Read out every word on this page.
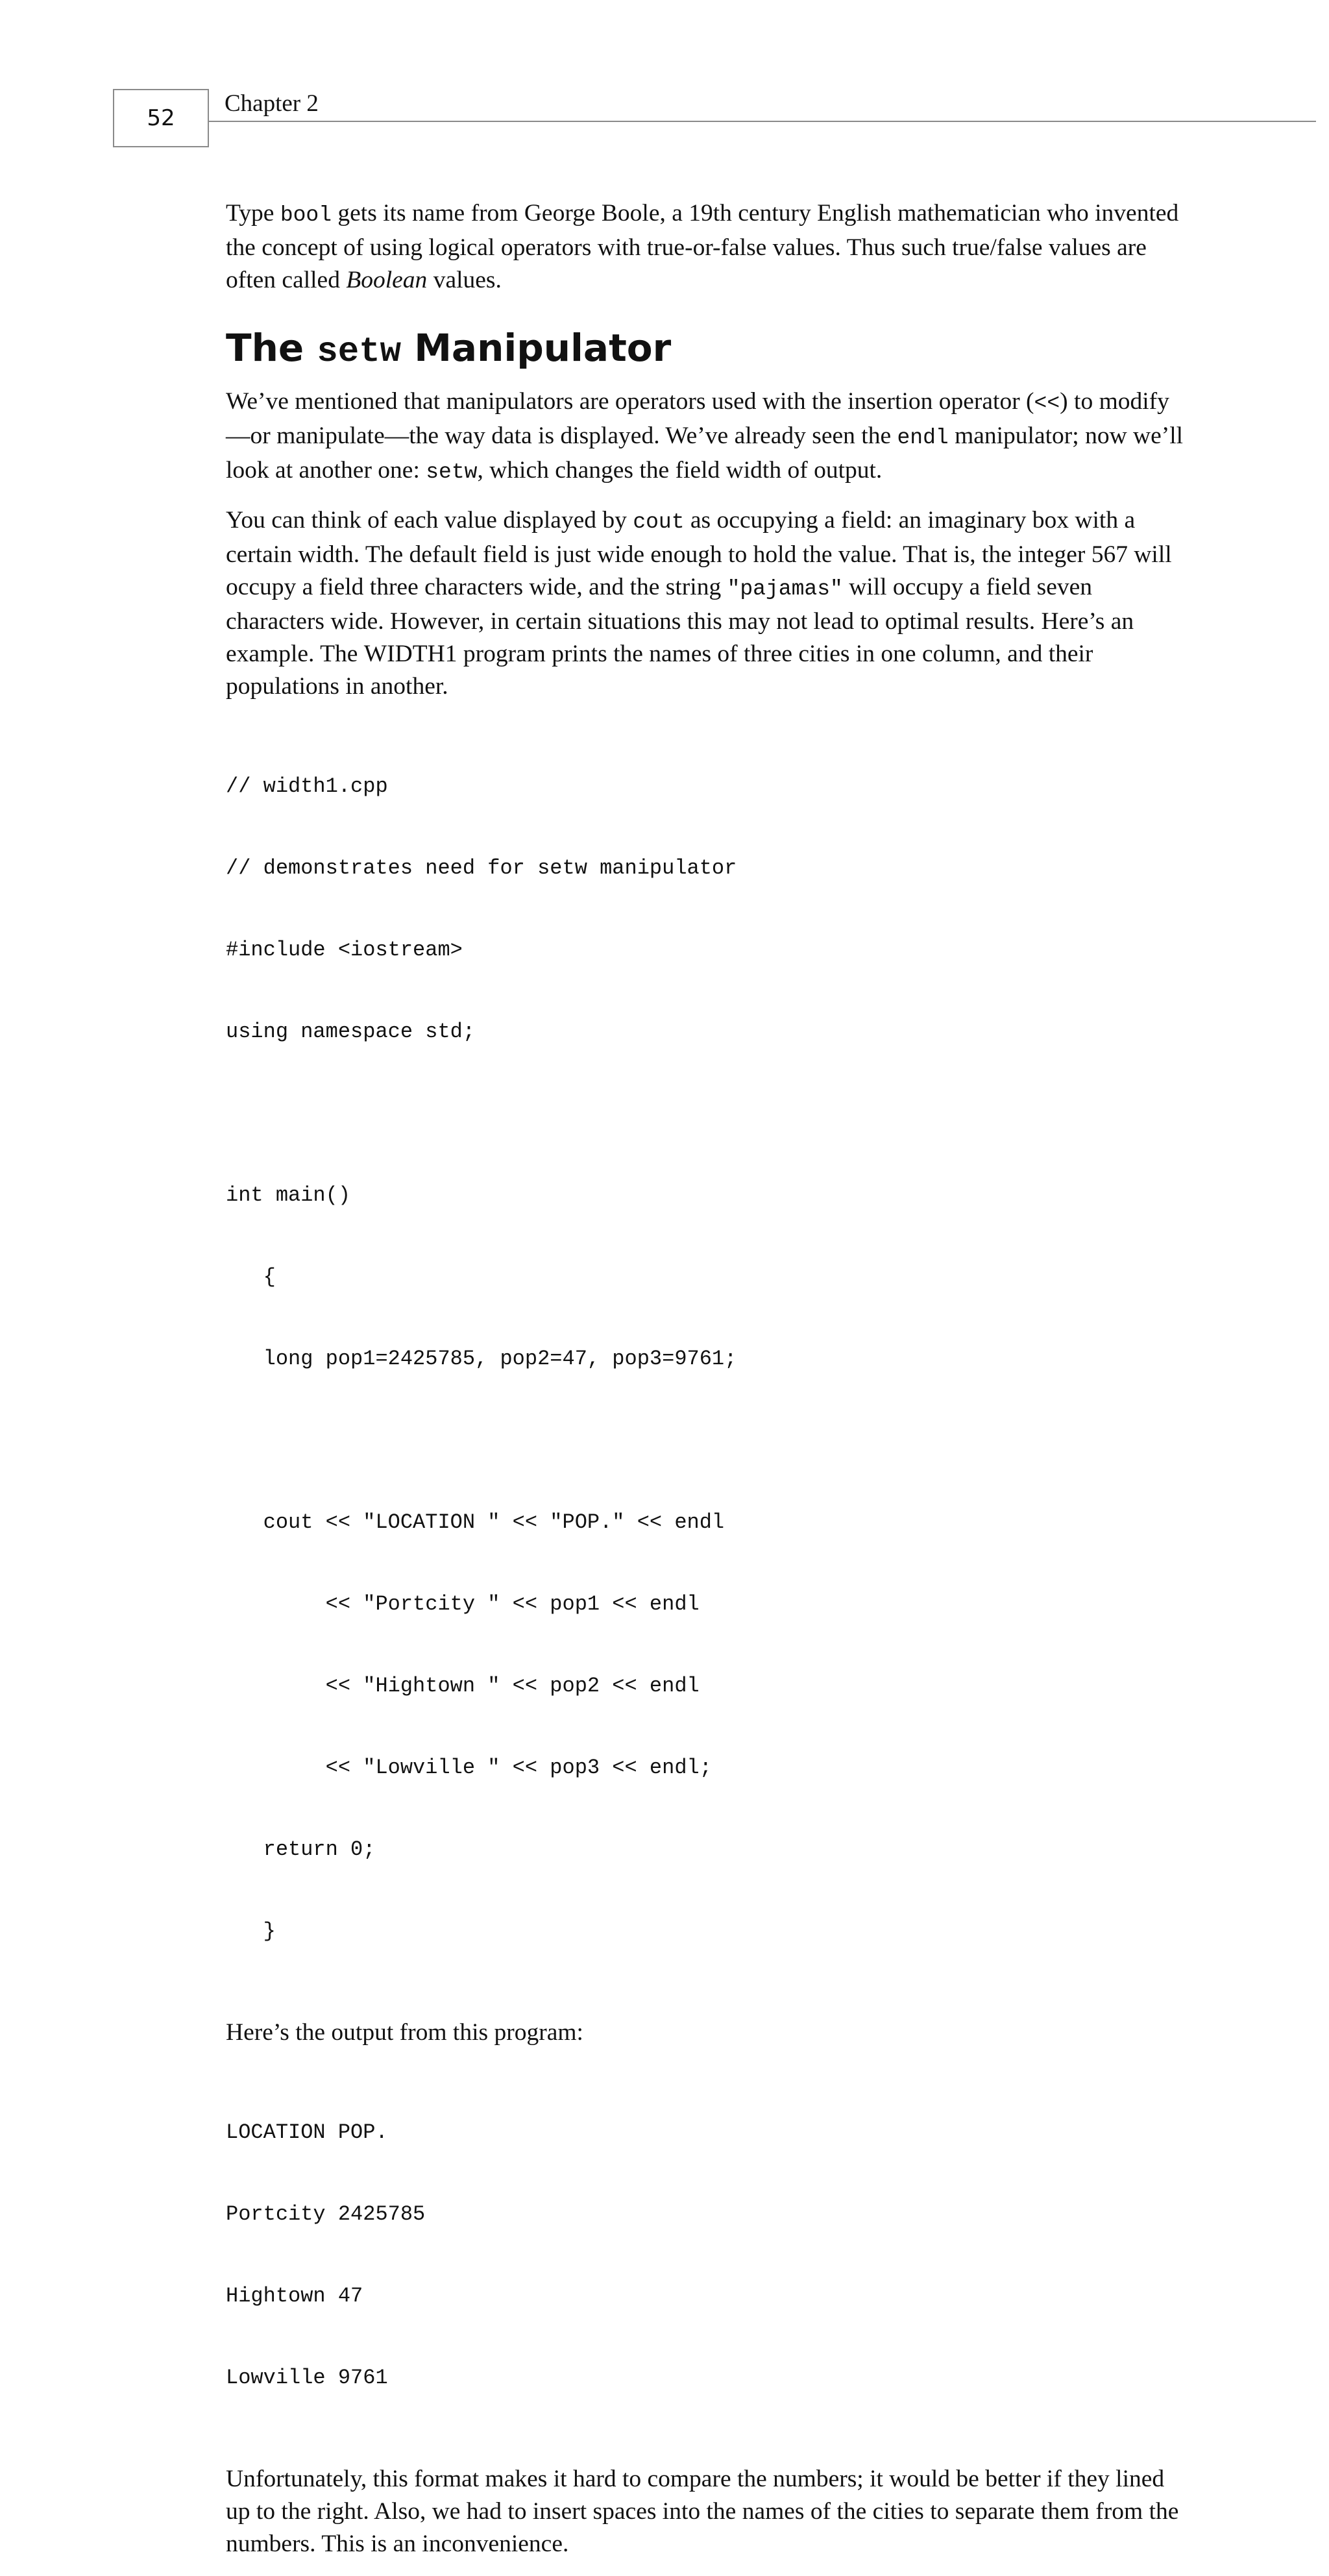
52
Chapter 2

Type bool gets its name from George Boole, a 19th century English mathematician who invented the concept of using logical operators with true-or-false values. Thus such true/false values are often called Boolean values.

The setw Manipulator

We’ve mentioned that manipulators are operators used with the insertion operator (<<) to modify—or manipulate—the way data is displayed. We’ve already seen the endl manipulator; now we’ll look at another one: setw, which changes the field width of output.

You can think of each value displayed by cout as occupying a field: an imaginary box with a certain width. The default field is just wide enough to hold the value. That is, the integer 567 will occupy a field three characters wide, and the string "pajamas" will occupy a field seven characters wide. However, in certain situations this may not lead to optimal results. Here’s an example. The WIDTH1 program prints the names of three cities in one column, and their populations in another.

// width1.cpp

// demonstrates need for setw manipulator

#include <iostream>

using namespace std;

int main()

{

long pop1=2425785, pop2=47, pop3=9761;

cout << "LOCATION " << "POP." << endl

<< "Portcity " << pop1 << endl

<< "Hightown " << pop2 << endl

<< "Lowville " << pop3 << endl;

return 0;

}

Here’s the output from this program:

LOCATION POP.

Portcity 2425785

Hightown 47

Lowville 9761

Unfortunately, this format makes it hard to compare the numbers; it would be better if they lined up to the right. Also, we had to insert spaces into the names of the cities to separate them from the numbers. This is an inconvenience.
